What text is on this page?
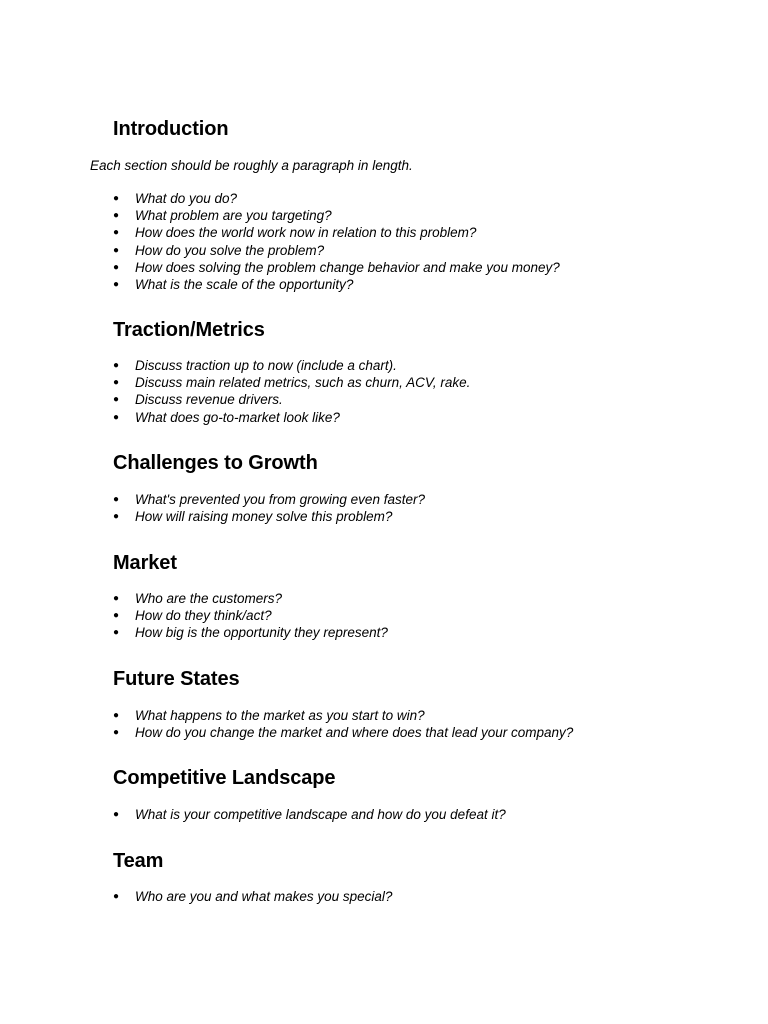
Introduction

Each section should be roughly a paragraph in length.

● What do you do?
● What problem are you targeting?
● How does the world work now in relation to this problem?
● How do you solve the problem?
● How does solving the problem change behavior and make you money?
● What is the scale of the opportunity?
Traction/Metrics
● Discuss traction up to now (include a chart).
● Discuss main related metrics, such as churn, ACV, rake.
● Discuss revenue drivers.
● What does go-to-market look like?
Challenges to Growth
● What's prevented you from growing even faster?
● How will raising money solve this problem?
Market
● Who are the customers?
● How do they think/act?
● How big is the opportunity they represent?
Future States
● What happens to the market as you start to win?
● How do you change the market and where does that lead your company?
Competitive Landscape
● What is your competitive landscape and how do you defeat it?
Team
● Who are you and what makes you special?
